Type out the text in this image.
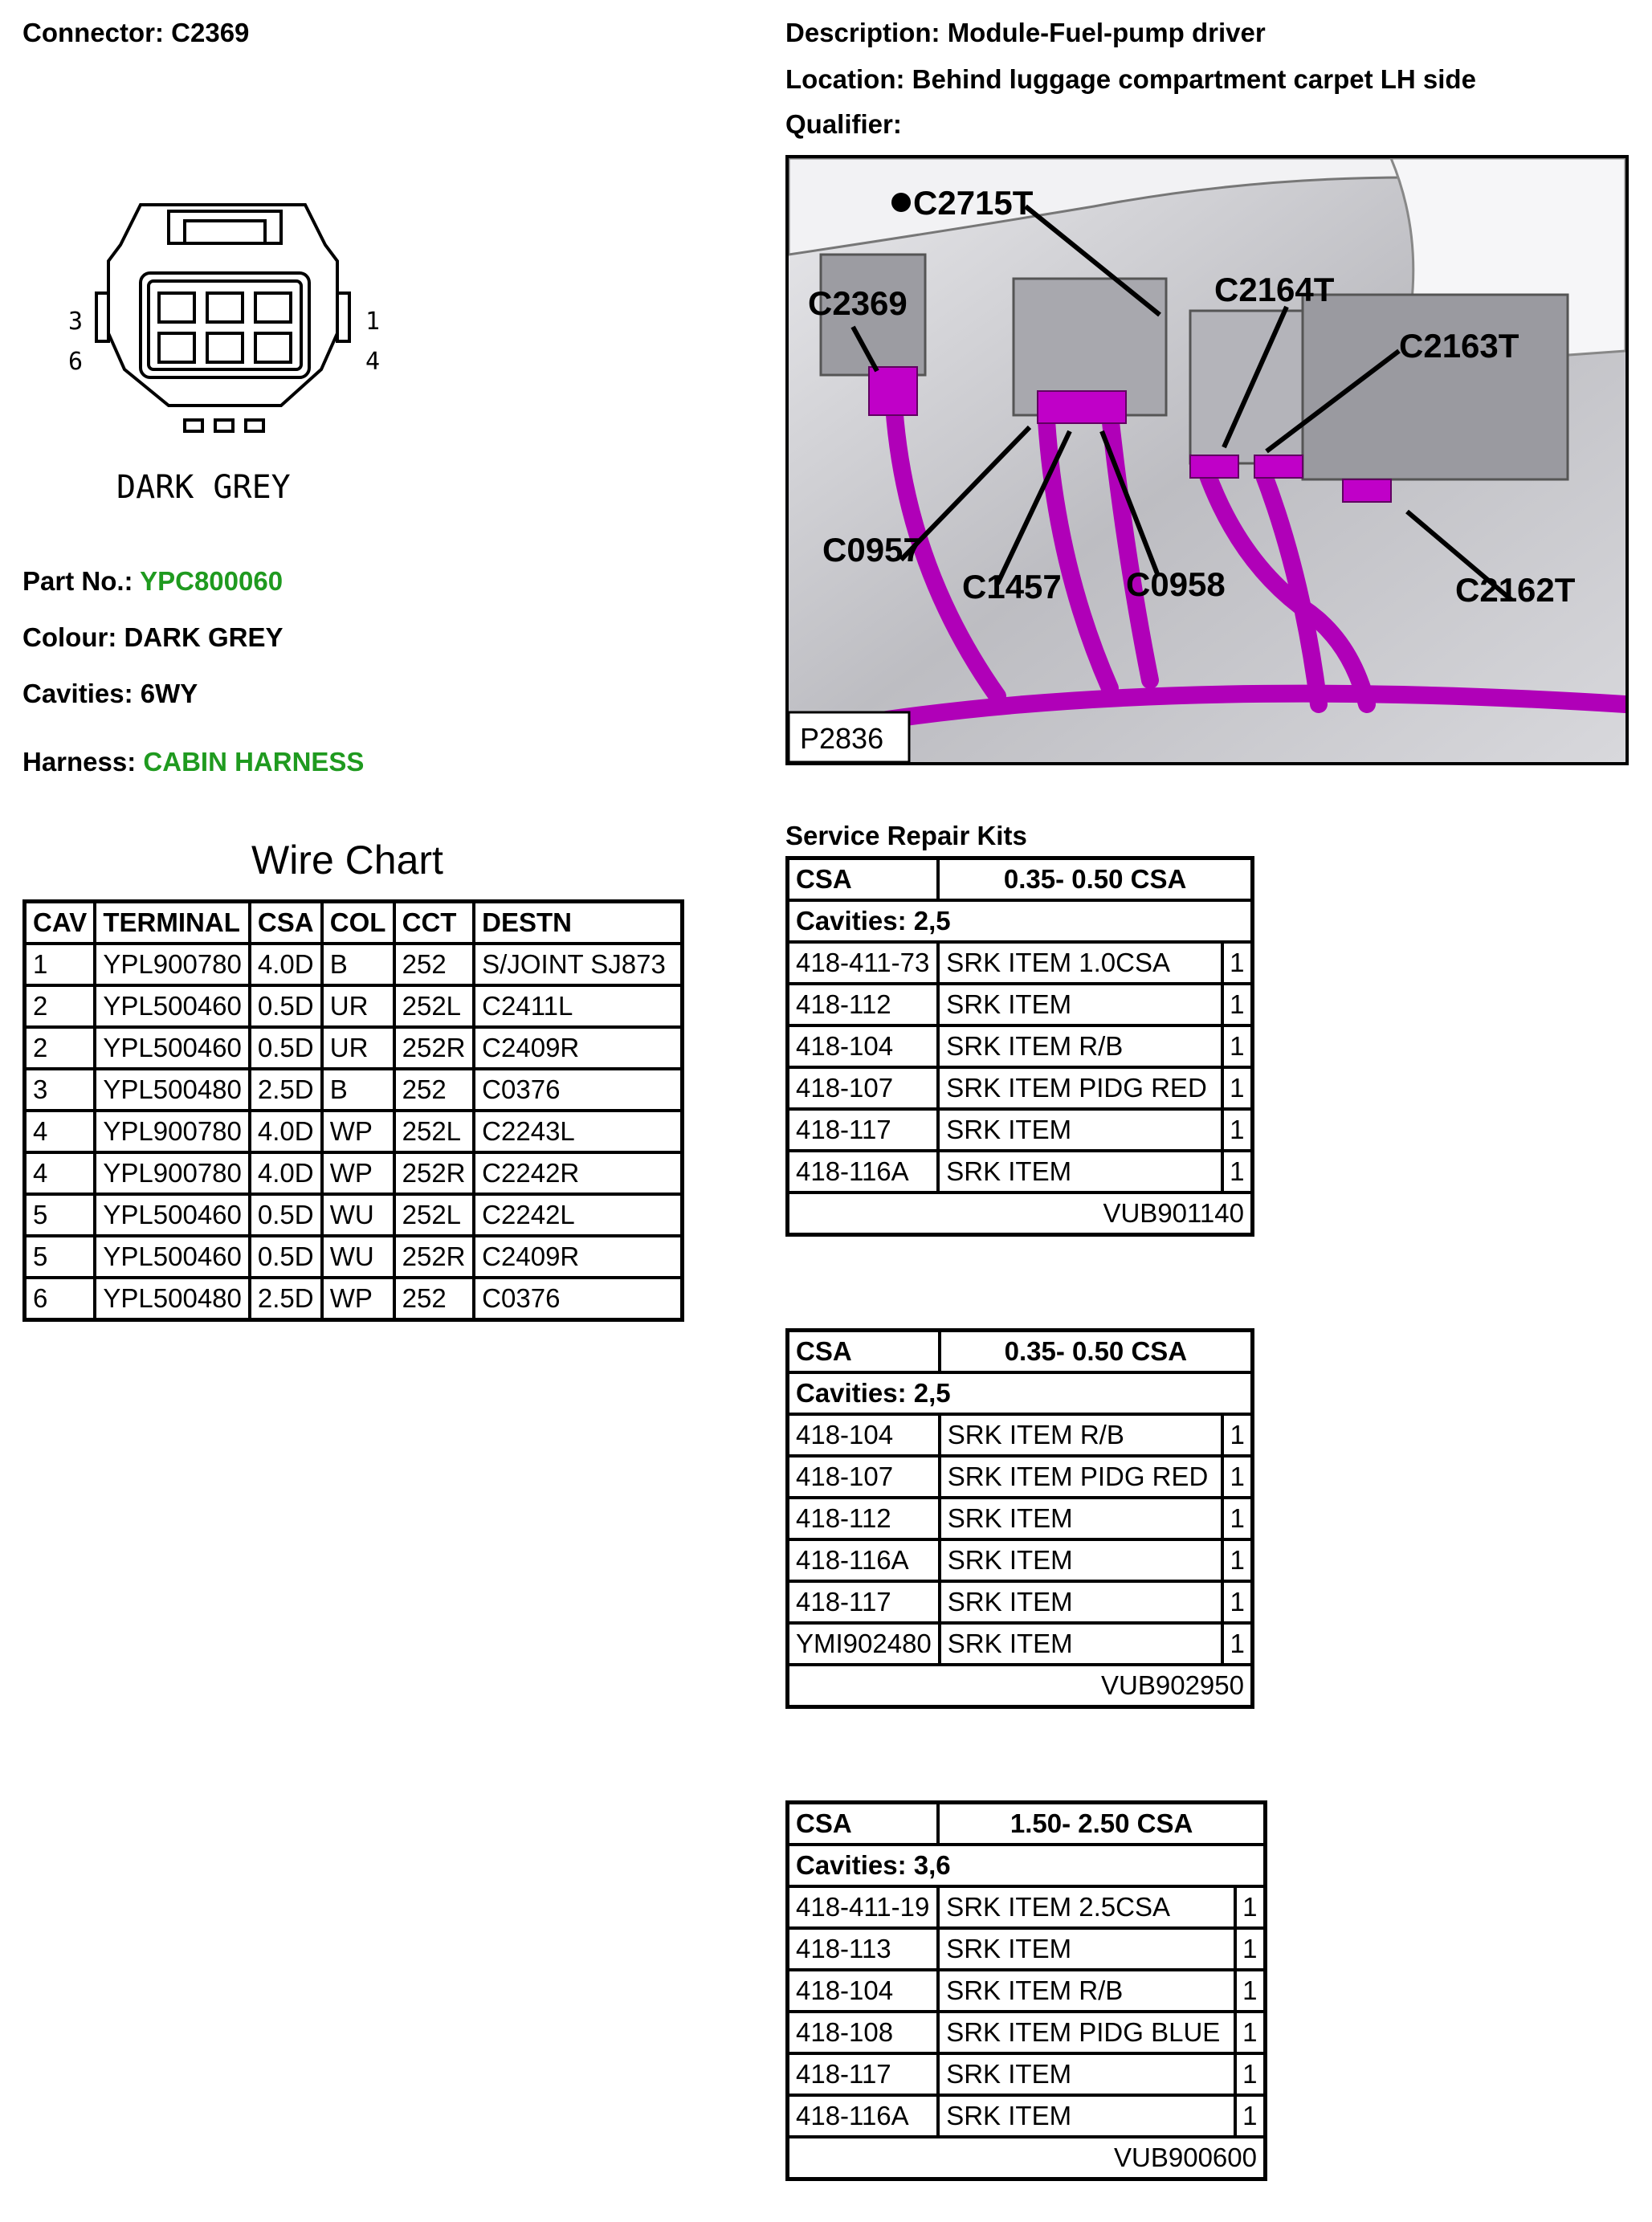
Connector: C2369	Description: Module-Fuel-pump driver
Location: Behind luggage compartment carpet LH side
Qualifier:
3
6
1
4
DARK GREY
Part No.: YPC800060
Colour: DARK GREY
Cavities: 6WY
Harness: CABIN HARNESS
Wire Chart
CAV	TERMINAL	CSA	COL	CCT	DESTN
1	YPL900780	4.0D	B	252	S/JOINT SJ873
2	YPL500460	0.5D	UR	252L	C2411L
2	YPL500460	0.5D	UR	252R	C2409R
3	YPL500480	2.5D	B	252	C0376
4	YPL900780	4.0D	WP	252L	C2243L
4	YPL900780	4.0D	WP	252R	C2242R
5	YPL500460	0.5D	WU	252L	C2242L
5	YPL500460	0.5D	WU	252R	C2409R
6	YPL500480	2.5D	WP	252	C0376
C2715T
C2369	C2164T
C2163T
C0957
C1457 C0958	C2162T
P2836
Service Repair Kits
CSA	0.35- 0.50 CSA	
Cavities: 2,5		
418-411-73	SRK ITEM 1.0CSA	1
418-112	SRK ITEM	1
418-104	SRK ITEM R/B	1
418-107	SRK ITEM PIDG RED	1
418-117	SRK ITEM	1
418-116A	SRK ITEM	1
VUB901140		
CSA	0.35- 0.50 CSA	
Cavities: 2,5		
418-104	SRK ITEM R/B	1
418-107	SRK ITEM PIDG RED	1
418-112	SRK ITEM	1
418-116A	SRK ITEM	1
418-117	SRK ITEM	1
YMI902480	SRK ITEM	1
VUB902950		
CSA	1.50- 2.50 CSA	
Cavities: 3,6		
418-411-19	SRK ITEM 2.5CSA	1
418-113	SRK ITEM	1
418-104	SRK ITEM R/B	1
418-108	SRK ITEM PIDG BLUE	1
418-117	SRK ITEM	1
418-116A	SRK ITEM	1
VUB900600		
